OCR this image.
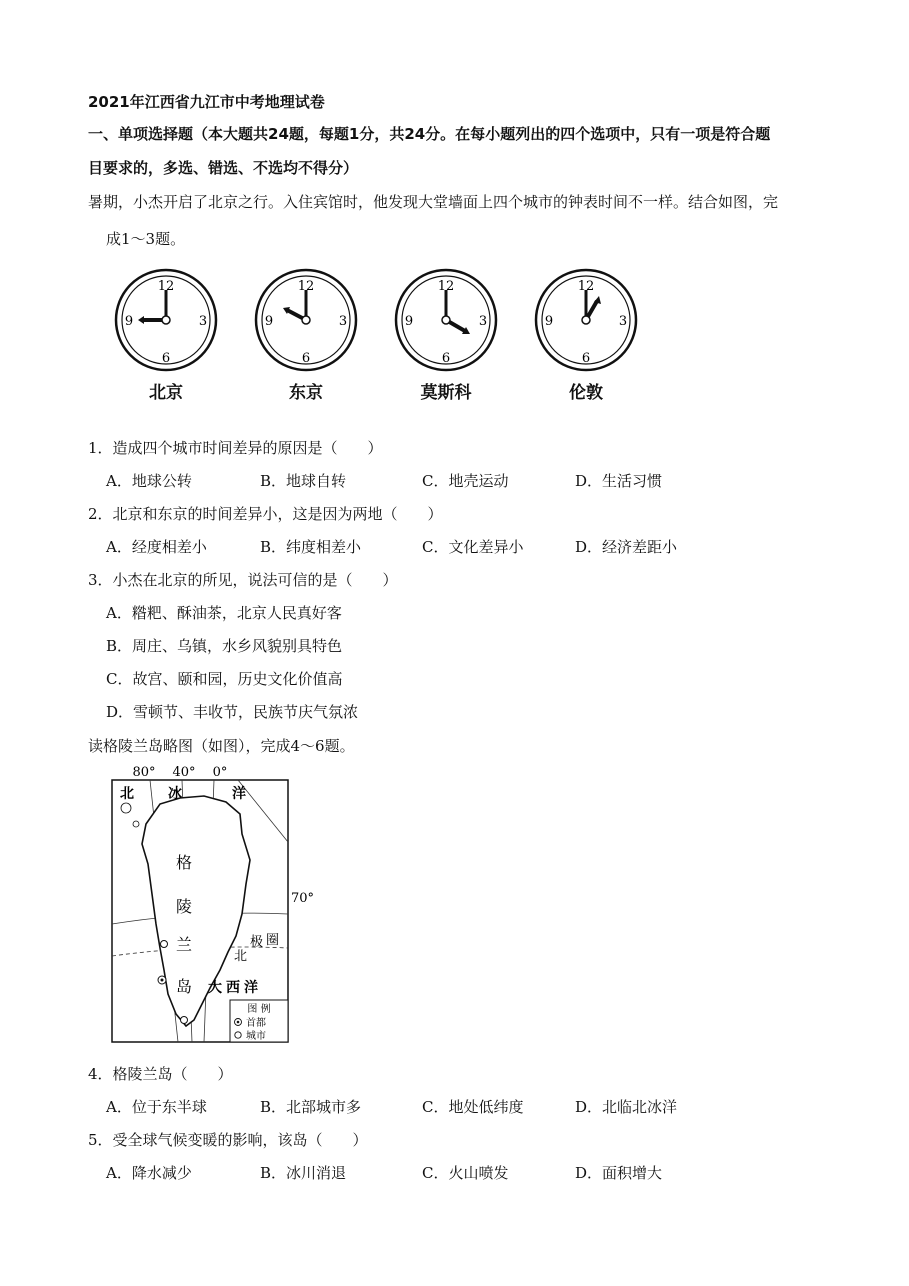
2021年江西省九江市中考地理试卷
一、单项选择题（本大题共24题，每题1分，共24分。在每小题列出的四个选项中，只有一项是符合题
目要求的，多选、错选、不选均不得分）
暑期，小杰开启了北京之行。入住宾馆时，他发现大堂墙面上四个城市的钟表时间不一样。结合如图，完
成1～3题。
12
3
6
9
12
3
6
9
12
3
6
9
12
3
6
9
北京	东京	莫斯科	伦敦
1．造成四个城市时间差异的原因是（　　）
A．地球公转	B．地球自转	C．地壳运动	D．生活习惯
2．北京和东京的时间差异小，这是因为两地（　　）
A．经度相差小	B．纬度相差小	C．文化差异小	D．经济差距小
3．小杰在北京的所见，说法可信的是（　　）
A．糌粑、酥油茶，北京人民真好客
B．周庄、乌镇，水乡风貌别具特色
C．故宫、颐和园，历史文化价值高
D．雪顿节、丰收节，民族节庆气氛浓
读格陵兰岛略图（如图），完成4～6题。
80° 40° 0°
70°
北 冰	洋
格
陵
兰
岛
北
极 圈
大西洋
图 例
首都
城市
4．格陵兰岛（　　）
A．位于东半球	B．北部城市多	C．地处低纬度	D．北临北冰洋
5．受全球气候变暖的影响，该岛（　　）
A．降水减少	B．冰川消退	C．火山喷发	D．面积增大
